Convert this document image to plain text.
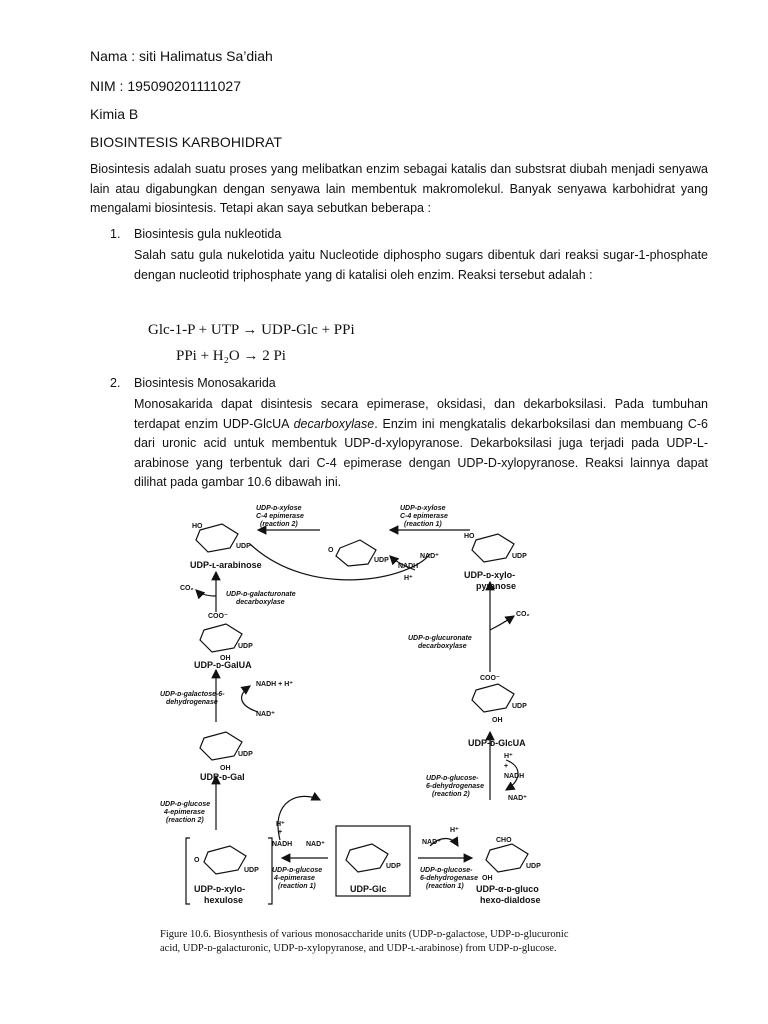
Nama : siti Halimatus Sa’diah
NIM : 195090201111027
Kimia B
BIOSINTESIS KARBOHIDRAT
Biosintesis adalah suatu proses yang melibatkan enzim sebagai katalis dan substsrat diubah menjadi senyawa lain atau digabungkan dengan senyawa lain membentuk makromolekul. Banyak senyawa karbohidrat yang mengalami biosintesis. Tetapi akan saya sebutkan beberapa :
1. Biosintesis gula nukleotida
Salah satu gula nukelotida yaitu Nucleotide diphospho sugars dibentuk dari reaksi sugar-1-phosphate dengan nucleotid triphosphate yang di katalisi oleh enzim. Reaksi tersebut adalah :
Glc-1-P + UTP → UDP-Glc + PPi
PPi + H₂O → 2 Pi
2. Biosintesis Monosakarida
Monosakarida dapat disintesis secara epimerase, oksidasi, dan dekarboksilasi. Pada tumbuhan terdapat enzim UDP-GlcUA decarboxylase. Enzim ini mengkatalis dekarboksilasi dan membuang C-6 dari uronic acid untuk membentuk UDP-d-xylopyranose. Dekarboksilasi juga terjadi pada UDP-L-arabinose yang terbentuk dari C-4 epimerase dengan UDP-D-xylopyranose. Reaksi lainnya dapat dilihat pada gambar 10.6 dibawah ini.
UDP-ʟ-arabinose
UDP-ᴅ-xylo-
pyranose
UDP-ᴅ-GalUA
UDP-ᴅ-GlcUA
UDP-ᴅ-Gal
UDP-Glc
UDP-ᴅ-xylo-
hexulose
UDP-α-ᴅ-gluco
hexo-dialdose
UDP-ᴅ-xylose
C-4 epimerase
(reaction 2)
UDP-ᴅ-xylose
C-4 epimerase
(reaction 1)
UDP-ᴅ-galacturonate
decarboxylase
UDP-ᴅ-glucuronate
decarboxylase
UDP-ᴅ-galactose-6-
dehydrogenase
UDP-ᴅ-glucose-
6-dehydrogenase
(reaction 2)
UDP-ᴅ-glucose
4-epimerase
(reaction 2)
UDP-ᴅ-glucose
4-epimerase
(reaction 1)
UDP-ᴅ-glucose-
6-dehydrogenase
(reaction 1)
HO
UDP
UDP
O
NADH
NAD⁺
H⁺
HO
UDP
CO₂
CO₂
COO⁻
UDP
OH
COO⁻
UDP
OH
NADH + H⁺
NAD⁺
UDP
OH
H⁺
+
NADH
NAD⁺
H⁺
+
NADH NAD⁺	NAD⁺
H⁺
O
UDP
UDP
CHO
UDP
OH
Figure 10.6. Biosynthesis of various monosaccharide units (UDP-ᴅ-galactose, UDP-ᴅ-glucuronic acid, UDP-ᴅ-galacturonic, UDP-ᴅ-xylopyranose, and UDP-ʟ-arabinose) from UDP-ᴅ-glucose.
